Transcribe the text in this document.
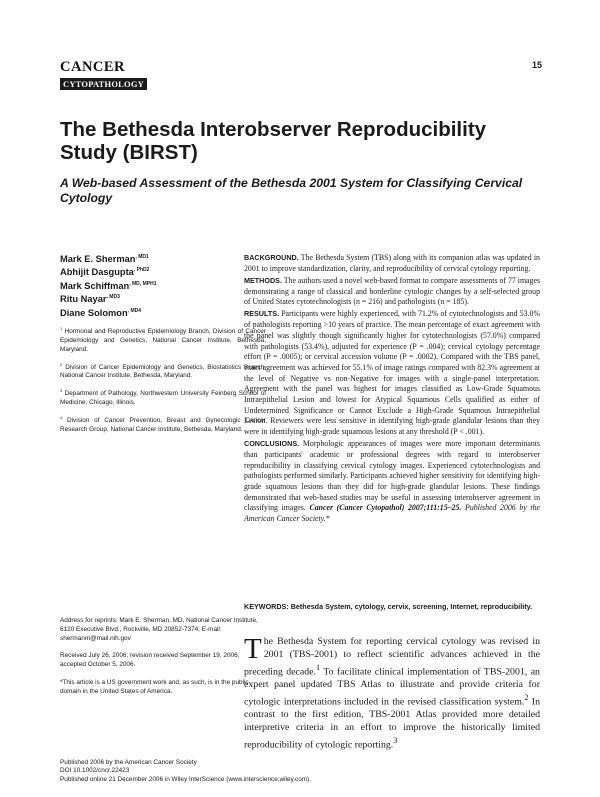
CANCER
CYTOPATHOLOGY
15
The Bethesda Interobserver Reproducibility Study (BIRST)
A Web-based Assessment of the Bethesda 2001 System for Classifying Cervical Cytology
Mark E. Sherman$^{, MD1}$
Abhijit Dasgupta$^{, PhD2}$
Mark Schiffman$^{, MD, MPH1}$
Ritu Nayar$^{, MD3}$
Diane Solomon$^{, MD4}$
$^1$ Hormonal and Reproductive Epidemiology Branch, Division of Cancer Epidemiology and Genetics, National Cancer Institute, Bethesda, Maryland.
$^2$ Division of Cancer Epidemiology and Genetics, Biostatistics Branch, National Cancer Institute, Bethesda, Maryland.
$^3$ Department of Pathology, Northwestern University Feinberg School of Medicine, Chicago, Illinois.
$^4$ Division of Cancer Prevention, Breast and Gynecologic Cancer Research Group, National Cancer Institute, Bethesda, Maryland.

BACKGROUND. The Bethesda System (TBS) along with its companion atlas was updated in 2001 to improve standardization, clarity, and reproducibility of cervical cytology reporting.

METHODS. The authors used a novel web-based format to compare assessments of 77 images demonstrating a range of classical and borderline cytologic changes by a self-selected group of United States cytotechnologists (n = 216) and pathologists (n = 185).

RESULTS. Participants were highly experienced, with 71.2% of cytotechnologists and 53.0% of pathologists reporting >10 years of practice. The mean percentage of exact agreement with the panel was slightly though significantly higher for cytotechnologists (57.0%) compared with pathologists (53.4%), adjusted for experience (P = .004); cervical cytology percentage effort (P = .0005); or cervical accession volume (P = .0002). Compared with the TBS panel, exact agreement was achieved for 55.1% of image ratings compared with 82.3% agreement at the level of Negative vs non-Negative for images with a single-panel interpretation. Agreement with the panel was highest for images classified as Low-Grade Squamous Intraepithelial Lesion and lowest for Atypical Squamous Cells qualified as either of Undetermined Significance or Cannot Exclude a High-Grade Squamous Intraepithelial Lesion. Reviewers were less sensitive in identifying high-grade glandular lesions than they were in identifying high-grade squamous lesions at any threshold (P < .001).

CONCLUSIONS. Morphologic appearances of images were more important determinants than participants' academic or professional degrees with regard to interobserver reproducibility in classifying cervical cytology images. Experienced cytotechnologists and pathologists performed similarly. Participants achieved higher sensitivity for identifying high-grade squamous lesions than they did for high-grade glandular lesions. These findings demonstrated that web-based studies may be useful in assessing interobserver agreement in classifying images. Cancer (Cancer Cytopathol) 2007;111:15–25. Published 2006 by the American Cancer Society.*

KEYWORDS: Bethesda System, cytology, cervix, screening, Internet, reproducibility.
Address for reprints: Mark E. Sherman, MD, National Cancer Institute, 6120 Executive Blvd., Rockville, MD 20852-7374; E-mail: shermanm@mail.nih.gov
Received July 26, 2006; revision received September 19, 2006; accepted October 5, 2006.
*This article is a US government work and, as such, is in the public domain in the United States of America.
The Bethesda System for reporting cervical cytology was revised in 2001 (TBS-2001) to reflect scientific advances achieved in the preceding decade.$^1$ To facilitate clinical implementation of TBS-2001, an expert panel updated TBS Atlas to illustrate and provide criteria for cytologic interpretations included in the revised classification system.$^2$ In contrast to the first edition, TBS-2001 Atlas provided more detailed interpretive criteria in an effort to improve the historically limited reproducibility of cytologic reporting.$^3$
Published 2006 by the American Cancer Society
DOI 10.1002/cncr.22423
Published online 21 December 2006 in Wiley InterScience (www.interscience.wiley.com).
